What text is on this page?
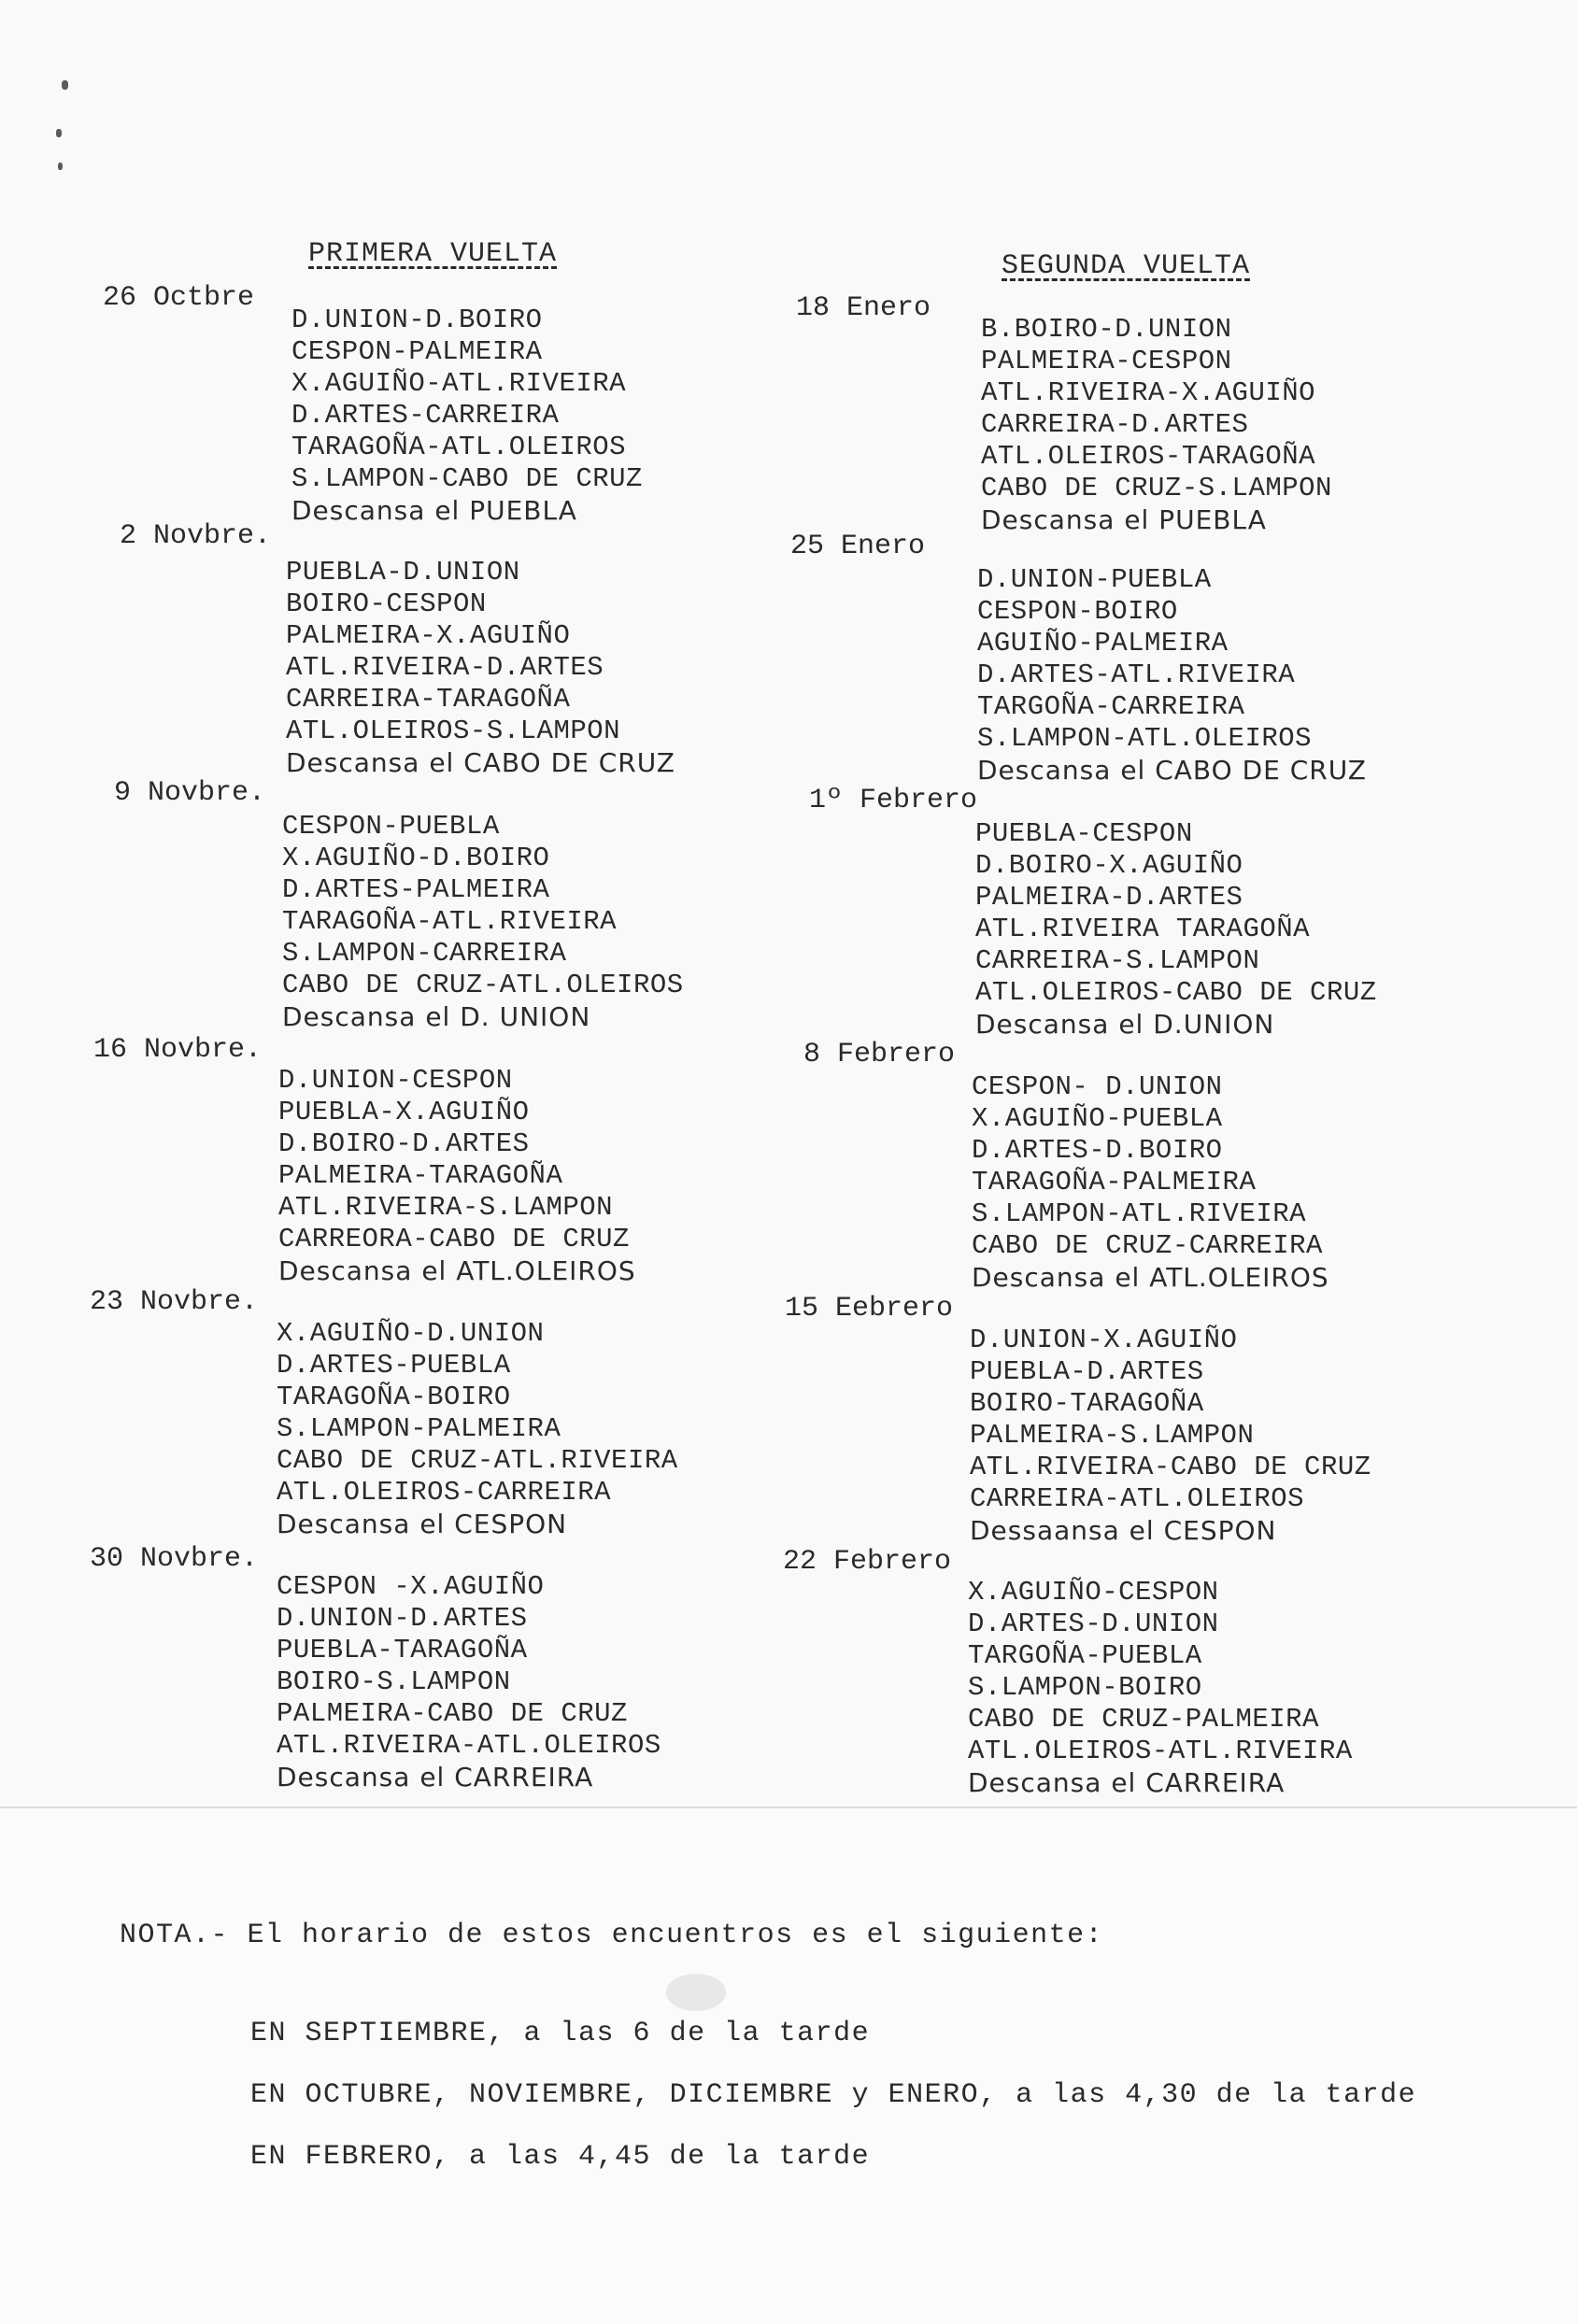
PRIMERA VUELTA	SEGUNDA VUELTA
26 Octbre
2 Novbre.
9 Novbre.
16 Novbre.
23 Novbre.
30 Novbre.
D.UNION-D.BOIRO
CESPON-PALMEIRA
X.AGUIÑO-ATL.RIVEIRA
D.ARTES-CARREIRA
TARAGOÑA-ATL.OLEIROS
S.LAMPON-CABO DE CRUZ
Descansa el PUEBLA
PUEBLA-D.UNION
BOIRO-CESPON
PALMEIRA-X.AGUIÑO
ATL.RIVEIRA-D.ARTES
CARREIRA-TARAGOÑA
ATL.OLEIROS-S.LAMPON
Descansa el CABO DE CRUZ
CESPON-PUEBLA
X.AGUIÑO-D.BOIRO
D.ARTES-PALMEIRA
TARAGOÑA-ATL.RIVEIRA
S.LAMPON-CARREIRA
CABO DE CRUZ-ATL.OLEIROS
Descansa el D. UNION
D.UNION-CESPON
PUEBLA-X.AGUIÑO
D.BOIRO-D.ARTES
PALMEIRA-TARAGOÑA
ATL.RIVEIRA-S.LAMPON
CARREORA-CABO DE CRUZ
Descansa el ATL.OLEIROS
X.AGUIÑO-D.UNION
D.ARTES-PUEBLA
TARAGOÑA-BOIRO
S.LAMPON-PALMEIRA
CABO DE CRUZ-ATL.RIVEIRA
ATL.OLEIROS-CARREIRA
Descansa el CESPON
CESPON -X.AGUIÑO
D.UNION-D.ARTES
PUEBLA-TARAGOÑA
BOIRO-S.LAMPON
PALMEIRA-CABO DE CRUZ
ATL.RIVEIRA-ATL.OLEIROS
Descansa el CARREIRA
18 Enero
25 Enero
1º Febrero
8 Febrero
15 Eebrero
22 Febrero
B.BOIRO-D.UNION
PALMEIRA-CESPON
ATL.RIVEIRA-X.AGUIÑO
CARREIRA-D.ARTES
ATL.OLEIROS-TARAGOÑA
CABO DE CRUZ-S.LAMPON
Descansa el PUEBLA
D.UNION-PUEBLA
CESPON-BOIRO
AGUIÑO-PALMEIRA
D.ARTES-ATL.RIVEIRA
TARGOÑA-CARREIRA
S.LAMPON-ATL.OLEIROS
Descansa el CABO DE CRUZ
PUEBLA-CESPON
D.BOIRO-X.AGUIÑO
PALMEIRA-D.ARTES
ATL.RIVEIRA TARAGOÑA
CARREIRA-S.LAMPON
ATL.OLEIROS-CABO DE CRUZ
Descansa el D.UNION
CESPON- D.UNION
X.AGUIÑO-PUEBLA
D.ARTES-D.BOIRO
TARAGOÑA-PALMEIRA
S.LAMPON-ATL.RIVEIRA
CABO DE CRUZ-CARREIRA
Descansa el ATL.OLEIROS
D.UNION-X.AGUIÑO
PUEBLA-D.ARTES
BOIRO-TARAGOÑA
PALMEIRA-S.LAMPON
ATL.RIVEIRA-CABO DE CRUZ
CARREIRA-ATL.OLEIROS
Dessaansa el CESPON
X.AGUIÑO-CESPON
D.ARTES-D.UNION
TARGOÑA-PUEBLA
S.LAMPON-BOIRO
CABO DE CRUZ-PALMEIRA
ATL.OLEIROS-ATL.RIVEIRA
Descansa el CARREIRA
NOTA.- El horario de estos encuentros es el siguiente:
EN SEPTIEMBRE, a las 6 de la tarde
EN OCTUBRE, NOVIEMBRE, DICIEMBRE y ENERO, a las 4,30 de la tarde
EN FEBRERO, a las 4,45 de la tarde
